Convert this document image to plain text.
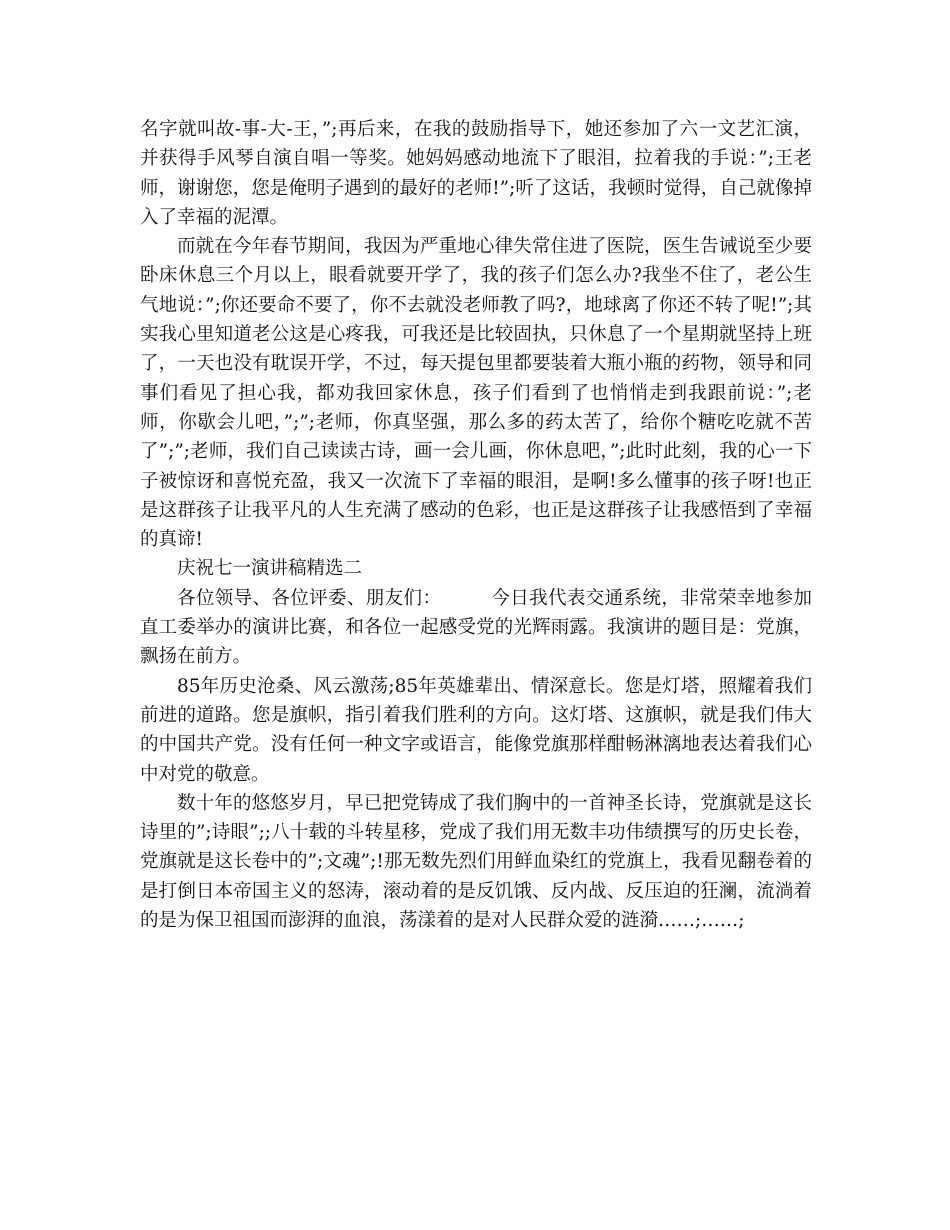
名字就叫故-事-大-王，”;再后来，在我的鼓励指导下，她还参加了六一文艺汇演，并获得手风琴自演自唱一等奖。她妈妈感动地流下了眼泪，拉着我的手说：”;王老师，谢谢您，您是俺明子遇到的最好的老师!”;听了这话，我顿时觉得，自己就像掉入了幸福的泥潭。

而就在今年春节期间，我因为严重地心律失常住进了医院，医生告诫说至少要卧床休息三个月以上，眼看就要开学了，我的孩子们怎么办?我坐不住了，老公生气地说：”;你还要命不要了，你不去就没老师教了吗?，地球离了你还不转了呢!”;其实我心里知道老公这是心疼我，可我还是比较固执，只休息了一个星期就坚持上班了，一天也没有耽误开学，不过，每天提包里都要装着大瓶小瓶的药物，领导和同事们看见了担心我，都劝我回家休息，孩子们看到了也悄悄走到我跟前说：”;老师，你歇会儿吧，”;”;老师，你真坚强，那么多的药太苦了，给你个糖吃吃就不苦了”;”;老师，我们自己读读古诗，画一会儿画，你休息吧，”;此时此刻，我的心一下子被惊讶和喜悦充盈，我又一次流下了幸福的眼泪，是啊!多么懂事的孩子呀!也正是这群孩子让我平凡的人生充满了感动的色彩，也正是这群孩子让我感悟到了幸福的真谛!

庆祝七一演讲稿精选二

各位领导、各位评委、朋友们：        今日我代表交通系统，非常荣幸地参加直工委举办的演讲比赛，和各位一起感受党的光辉雨露。我演讲的题目是：党旗，飘扬在前方。

85年历史沧桑、风云激荡;85年英雄辈出、情深意长。您是灯塔，照耀着我们前进的道路。您是旗帜，指引着我们胜利的方向。这灯塔、这旗帜，就是我们伟大的中国共产党。没有任何一种文字或语言，能像党旗那样酣畅淋漓地表达着我们心中对党的敬意。

数十年的悠悠岁月，早已把党铸成了我们胸中的一首神圣长诗，党旗就是这长诗里的”;诗眼”;;八十载的斗转星移，党成了我们用无数丰功伟绩撰写的历史长卷，党旗就是这长卷中的”;文魂”;!那无数先烈们用鲜血染红的党旗上，我看见翻卷着的是打倒日本帝国主义的怒涛，滚动着的是反饥饿、反内战、反压迫的狂澜，流淌着的是为保卫祖国而澎湃的血浪，荡漾着的是对人民群众爱的涟漪……;……;
